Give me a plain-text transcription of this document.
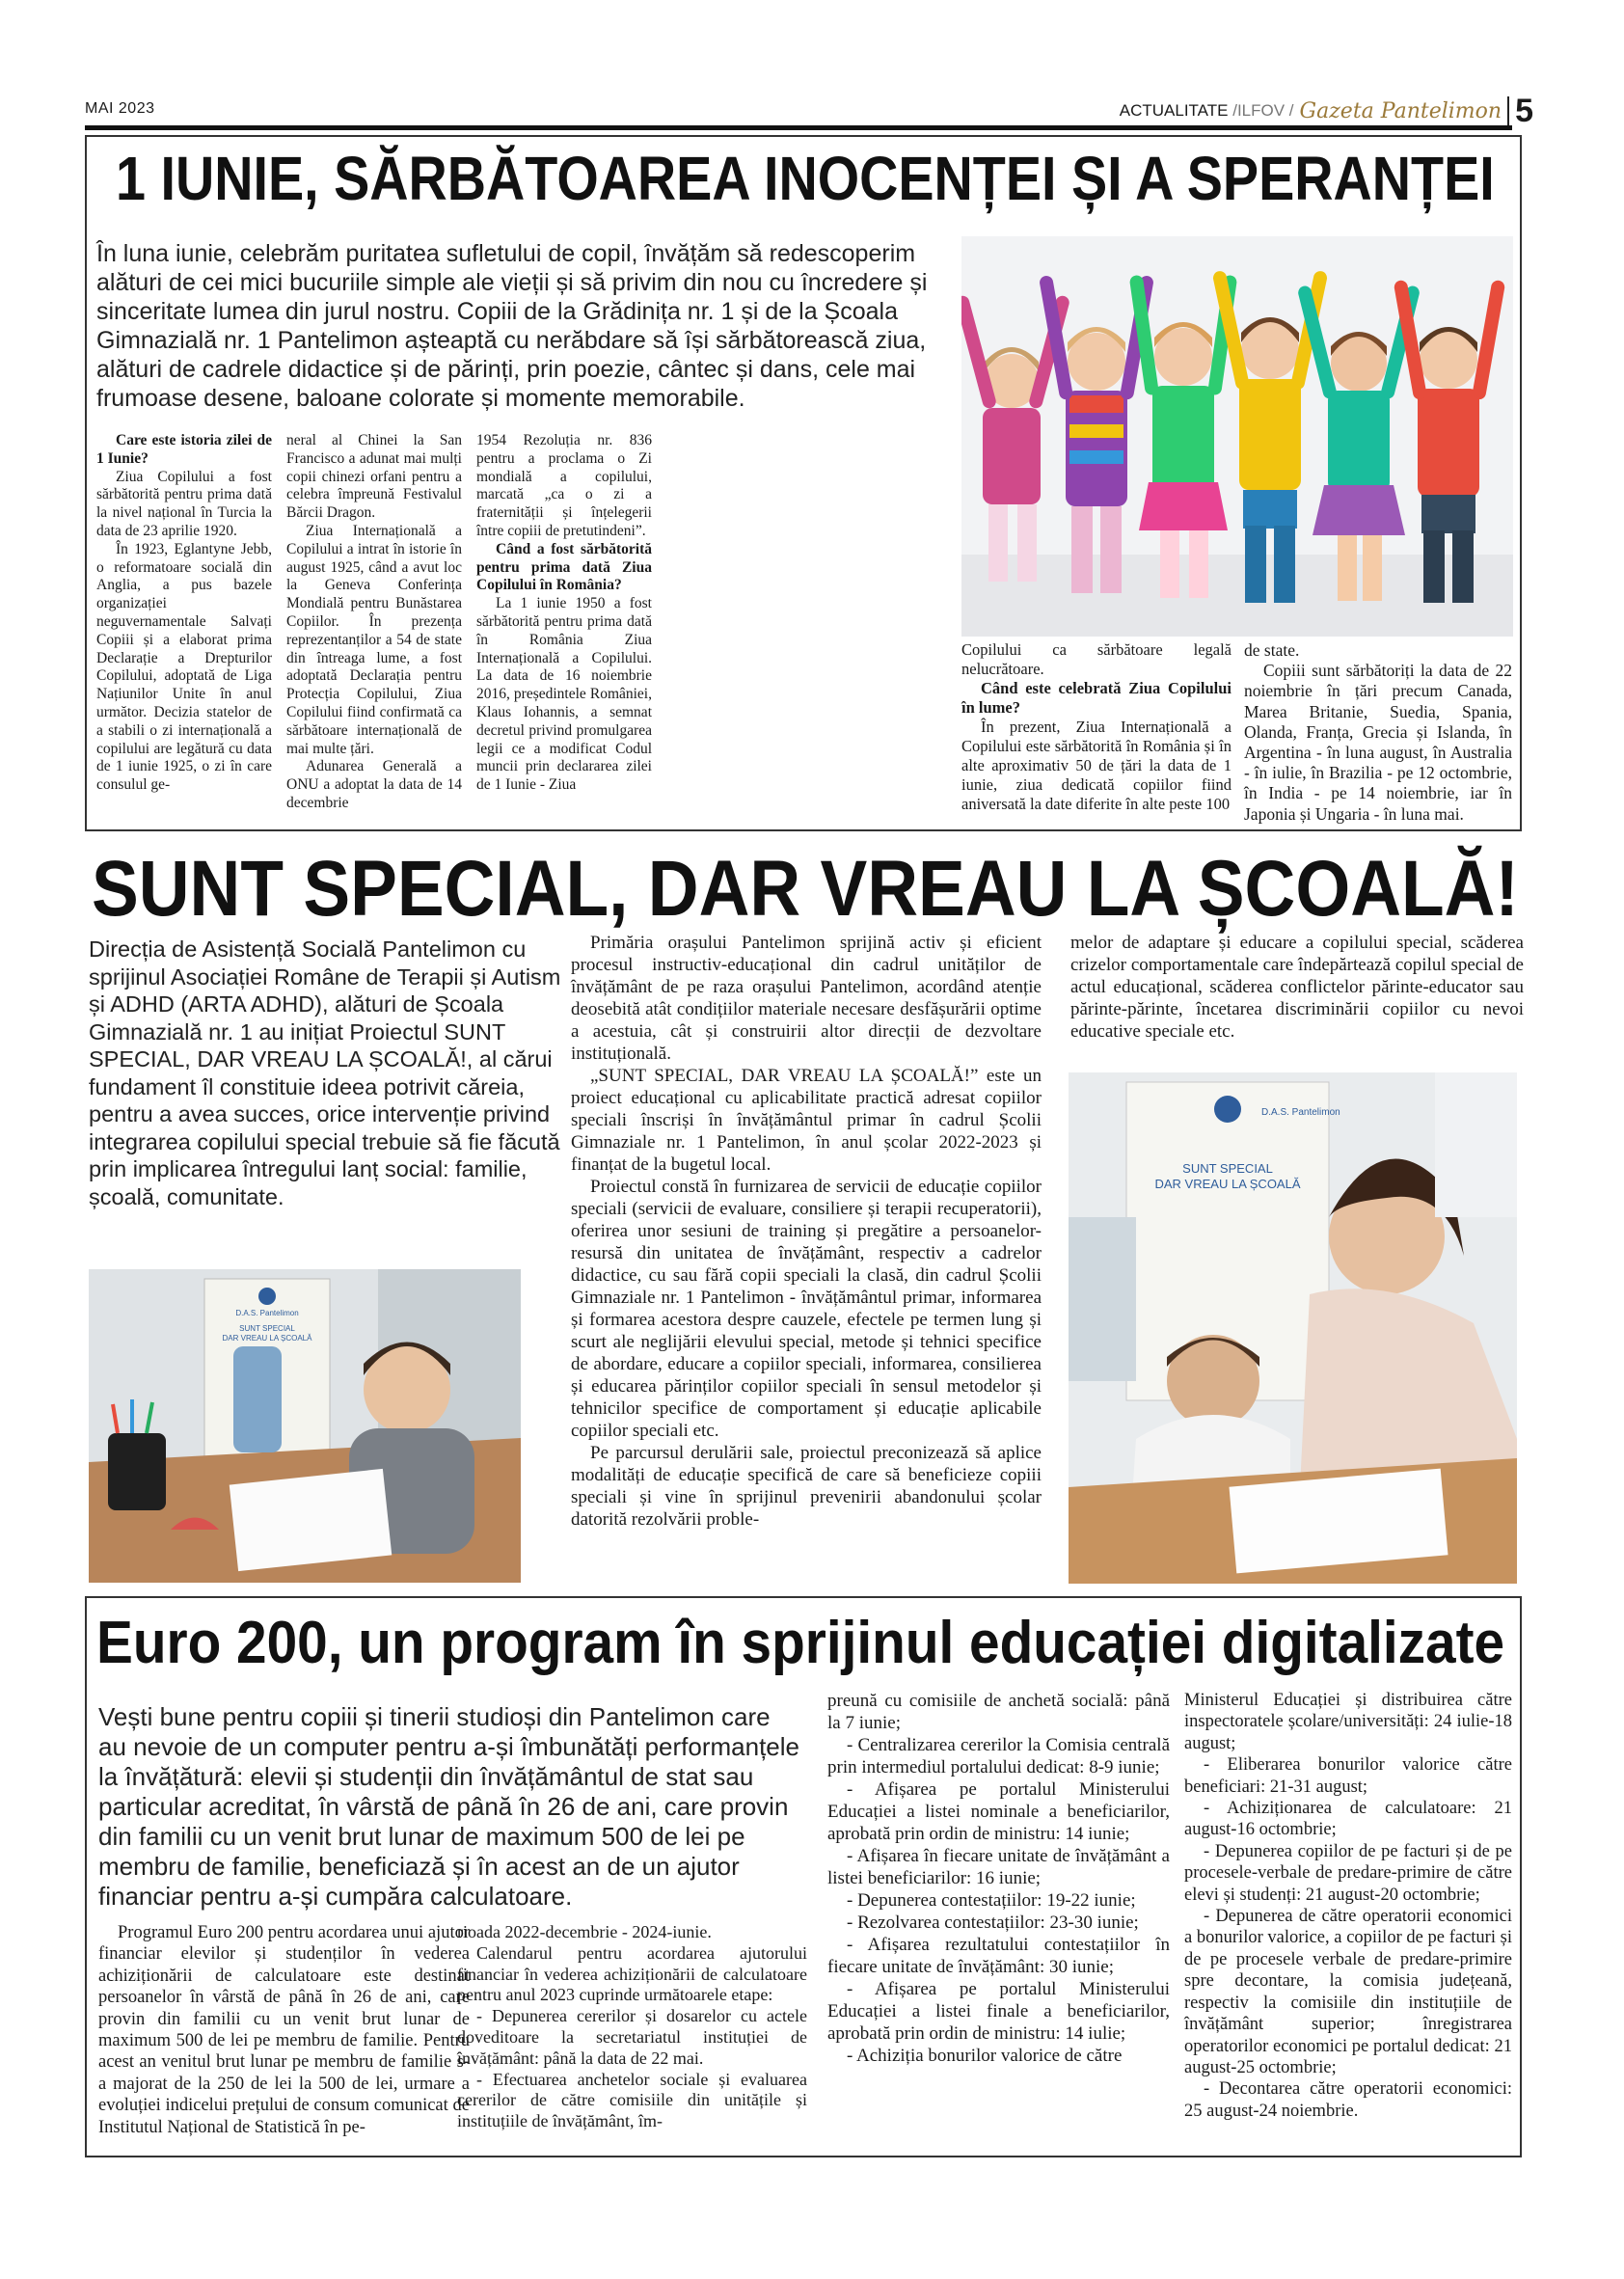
MAI 2023	ACTUALITATE /ILFOV / Gazeta Pantelimon 5
1 IUNIE, SĂRBĂTOAREA INOCENȚEI ȘI A SPERANȚEI
În luna iunie, celebrăm puritatea sufletului de copil, învățăm să redescoperim alături de cei mici bucuriile simple ale vieții și să privim din nou cu încredere și sinceritate lumea din jurul nostru. Copiii de la Grădinița nr. 1 și de la Școala Gimnazială nr. 1 Pantelimon așteaptă cu nerăbdare să își sărbătorească ziua, alături de cadrele didactice și de părinți, prin poezie, cântec și dans, cele mai frumoase desene, baloane colorate și momente memorabile.

Care este istoria zilei de 1 Iunie?

Ziua Copilului a fost sărbătorită pentru prima dată la nivel național în Turcia la data de 23 aprilie 1920.

În 1923, Eglantyne Jebb, o reformatoare socială din Anglia, a pus bazele organizației neguvernamentale Salvați Copiii și a elaborat prima Declarație a Drepturilor Copilului, adoptată de Liga Națiunilor Unite în anul următor. Decizia statelor de a stabili o zi internațională a copilului are legătură cu data de 1 iunie 1925, o zi în care consulul ge-

neral al Chinei la San Francisco a adunat mai mulți copii chinezi orfani pentru a celebra împreună Festivalul Bărcii Dragon.

Ziua Internațională a Copilului a intrat în istorie în august 1925, când a avut loc la Geneva Conferința Mondială pentru Bunăstarea Copiilor. În prezența reprezentanților a 54 de state din întreaga lume, a fost adoptată Declarația pentru Protecția Copilului, Ziua Copilului fiind confirmată ca sărbătoare internațională de mai multe țări.

Adunarea Generală a ONU a adoptat la data de 14 decembrie

1954 Rezoluția nr. 836 pentru a proclama o Zi mondială a copilului, marcată „ca o zi a fraternității și înțelegerii între copiii de pretutindeni”.

Când a fost sărbătorită pentru prima dată Ziua Copilului în România?

La 1 iunie 1950 a fost sărbătorită pentru prima dată în România Ziua Internațională a Copilului. La data de 16 noiembrie 2016, președintele României, Klaus Iohannis, a semnat decretul privind promulgarea legii ce a modificat Codul muncii prin declararea zilei de 1 Iunie - Ziua

Copilului ca sărbătoare legală nelucrătoare.

Când este celebrată Ziua Copilului în lume?

În prezent, Ziua Internațională a Copilului este sărbătorită în România și în alte aproximativ 50 de țări la data de 1 iunie, ziua dedicată copiilor fiind aniversată la date diferite în alte peste 100

de state.

Copiii sunt sărbătoriți la data de 22 noiembrie în țări precum Canada, Marea Britanie, Suedia, Spania, Olanda, Franța, Grecia și Islanda, în Argentina - în luna august, în Australia - în iulie, în Brazilia - pe 12 octombrie, în India - pe 14 noiembrie, iar în Japonia și Ungaria - în luna mai.

SUNT SPECIAL, DAR VREAU LA ȘCOALĂ!
Direcția de Asistență Socială Pantelimon cu sprijinul Asociației Române de Terapii și Autism și ADHD (ARTA ADHD), alături de Școala Gimnazială nr. 1 au inițiat Proiectul SUNT SPECIAL, DAR VREAU LA ȘCOALĂ!, al cărui fundament îl constituie ideea potrivit căreia, pentru a avea succes, orice intervenție privind integrarea copilului special trebuie să fie făcută prin implicarea întregului lanț social: familie, școală, comunitate.
D.A.S. Pantelimon
SUNT SPECIAL
DAR VREAU LA ȘCOALĂ

Primăria orașului Pantelimon sprijină activ și eficient procesul instructiv-educațional din cadrul unităților de învățământ de pe raza orașului Pantelimon, acordând atenție deosebită atât condițiilor materiale necesare desfășurării optime a acestuia, cât și construirii altor direcții de dezvoltare instituțională.

„SUNT SPECIAL, DAR VREAU LA ȘCOALĂ!” este un proiect educațional cu aplicabilitate practică adresat copiilor speciali înscriși în învățământul primar în cadrul Școlii Gimnaziale nr. 1 Pantelimon, în anul școlar 2022-2023 și finanțat de la bugetul local.

Proiectul constă în furnizarea de servicii de educație copiilor speciali (servicii de evaluare, consiliere și terapii recuperatorii), oferirea unor sesiuni de training și pregătire a persoanelor-resursă din unitatea de învățământ, respectiv a cadrelor didactice, cu sau fără copii speciali la clasă, din cadrul Școlii Gimnaziale nr. 1 Pantelimon - învățământul primar, informarea și formarea acestora despre cauzele, efectele pe termen lung și scurt ale neglijării elevului special, metode și tehnici specifice de abordare, educare a copiilor speciali, informarea, consilierea și educarea părinților copiilor speciali în sensul metodelor și tehnicilor specifice de comportament și educație aplicabile copiilor speciali etc.

Pe parcursul derulării sale, proiectul preconizează să aplice modalități de educație specifică de care să beneficieze copiii speciali și vine în sprijinul prevenirii abandonului școlar datorită rezolvării proble-

melor de adaptare și educare a copilului special, scăderea crizelor comportamentale care îndepărtează copilul special de actul educațional, scăderea conflictelor părinte-educator sau părinte-părinte, încetarea discriminării copiilor cu nevoi educative speciale etc.

D.A.S. Pantelimon
SUNT SPECIAL
DAR VREAU LA ȘCOALĂ
Euro 200, un program în sprijinul educației digitalizate
Vești bune pentru copiii și tinerii studioși din Pantelimon care au nevoie de un computer pentru a-și îmbunătăți performanțele la învățătură: elevii și studenții din învățământul de stat sau particular acreditat, în vârstă de până în 26 de ani, care provin din familii cu un venit brut lunar de maximum 500 de lei pe membru de familie, beneficiază și în acest an de un ajutor financiar pentru a-și cumpăra calculatoare.

Programul Euro 200 pentru acordarea unui ajutor financiar elevilor și studenților în vederea achiziționării de calculatoare este destinat persoanelor în vârstă de până în 26 de ani, care provin din familii cu un venit brut lunar de maximum 500 de lei pe membru de familie. Pentru acest an venitul brut lunar pe membru de familie s-a majorat de la 250 de lei la 500 de lei, urmare a evoluției indicelui prețului de consum comunicat de Institutul Național de Statistică în pe-

rioada 2022-decembrie - 2024-iunie.

Calendarul pentru acordarea ajutorului financiar în vederea achiziționării de calculatoare pentru anul 2023 cuprinde următoarele etape:

- Depunerea cererilor și dosarelor cu actele doveditoare la secretariatul instituției de învățământ: până la data de 22 mai.

- Efectuarea anchetelor sociale și evaluarea cererilor de către comisiile din unitățile și instituțiile de învățământ, îm-

preună cu comisiile de anchetă socială: până la 7 iunie;

- Centralizarea cererilor la Comisia centrală prin intermediul portalului dedicat: 8-9 iunie;

- Afișarea pe portalul Ministerului Educației a listei nominale a beneficiarilor, aprobată prin ordin de ministru: 14 iunie;

- Afișarea în fiecare unitate de învățământ a listei beneficiarilor: 16 iunie;

- Depunerea contestațiilor: 19-22 iunie;

- Rezolvarea contestațiilor: 23-30 iunie;

- Afișarea rezultatului contestațiilor în fiecare unitate de învățământ: 30 iunie;

- Afișarea pe portalul Ministerului Educației a listei finale a beneficiarilor, aprobată prin ordin de ministru: 14 iulie;

- Achiziția bonurilor valorice de către

Ministerul Educației și distribuirea către inspectoratele școlare/universități: 24 iulie-18 august;

- Eliberarea bonurilor valorice către beneficiari: 21-31 august;

- Achiziționarea de calculatoare: 21 august-16 octombrie;

- Depunerea copiilor de pe facturi și de pe procesele-verbale de predare-primire de către elevi și studenți: 21 august-20 octombrie;

- Depunerea de către operatorii economici a bonurilor valorice, a copiilor de pe facturi și de pe procesele verbale de predare-primire spre decontare, la comisia județeană, respectiv la comisiile din instituțiile de învățământ superior; înregistrarea operatorilor economici pe portalul dedicat: 21 august-25 octombrie;

- Decontarea către operatorii economici: 25 august-24 noiembrie.
